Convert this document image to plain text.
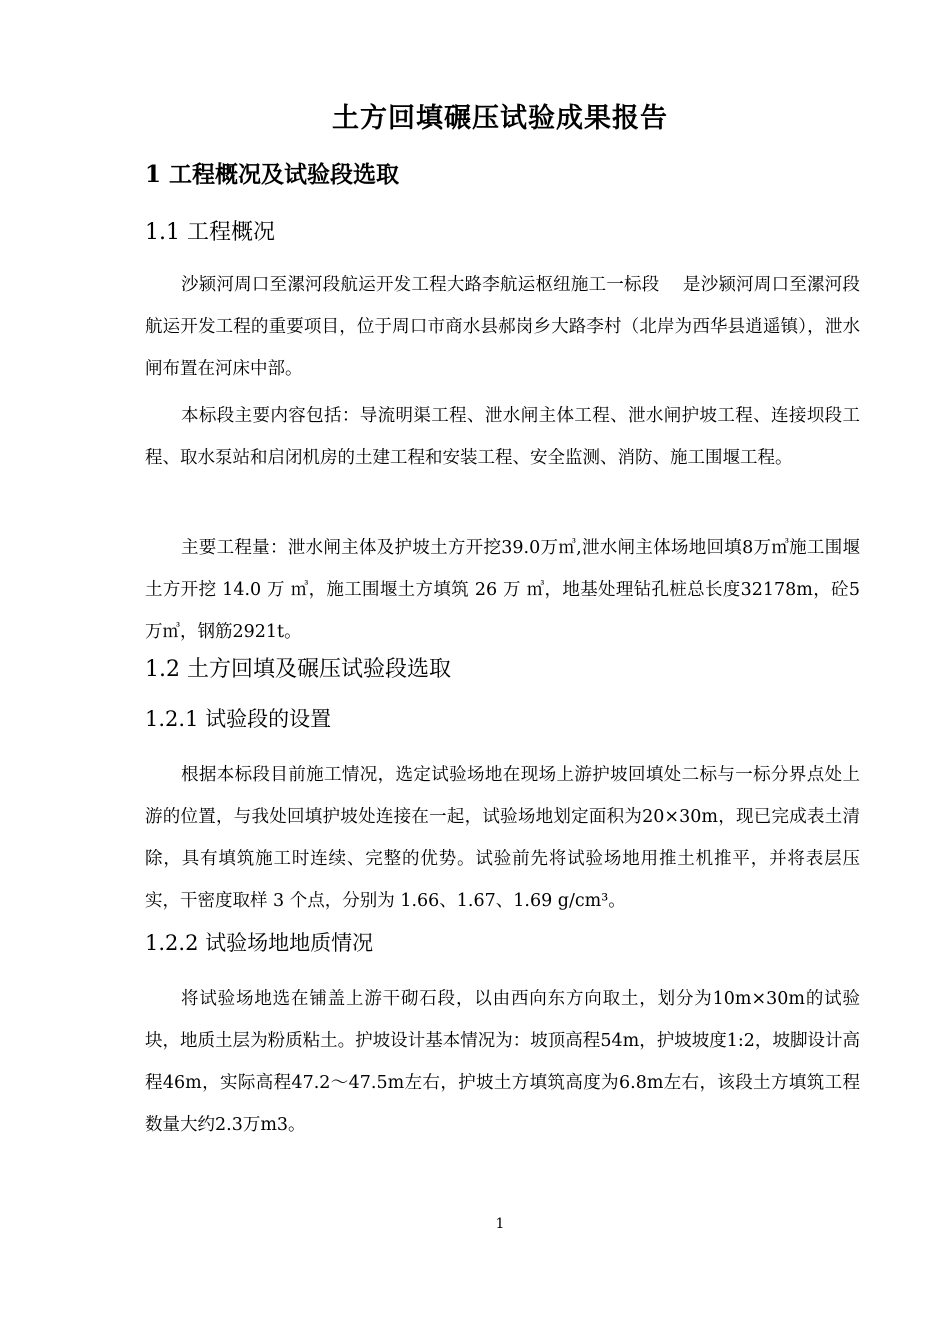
土方回填碾压试验成果报告
1 工程概况及试验段选取
1.1 工程概况
沙颍河周口至漯河段航运开发工程大路李航运枢纽施工一标段　 是沙颍河周口至漯河段航运开发工程的重要项目，位于周口市商水县郝岗乡大路李村（北岸为西华县逍遥镇），泄水闸布置在河床中部。
本标段主要内容包括：导流明渠工程、泄水闸主体工程、泄水闸护坡工程、连接坝段工程、取水泵站和启闭机房的土建工程和安装工程、安全监测、消防、施工围堰工程。
主要工程量：泄水闸主体及护坡土方开挖39.0万㎥,泄水闸主体场地回填8万㎥施工围堰土方开挖 14.0 万 ㎥，施工围堰土方填筑 26 万 ㎥，地基处理钻孔桩总长度32178m，砼5万㎥，钢筋2921t。
1.2 土方回填及碾压试验段选取
1.2.1 试验段的设置
根据本标段目前施工情况，选定试验场地在现场上游护坡回填处二标与一标分界点处上游的位置，与我处回填护坡处连接在一起，试验场地划定面积为20×30m，现已完成表土清除，具有填筑施工时连续、完整的优势。试验前先将试验场地用推土机推平，并将表层压实，干密度取样 3 个点，分别为 1.66、1.67、1.69 g/cm³。
1.2.2 试验场地地质情况
将试验场地选在铺盖上游干砌石段，以由西向东方向取土，划分为10m×30m的试验块，地质土层为粉质粘土。护坡设计基本情况为：坡顶高程54m，护坡坡度1:2，坡脚设计高程46m，实际高程47.2～47.5m左右，护坡土方填筑高度为6.8m左右，该段土方填筑工程数量大约2.3万m3。
1
